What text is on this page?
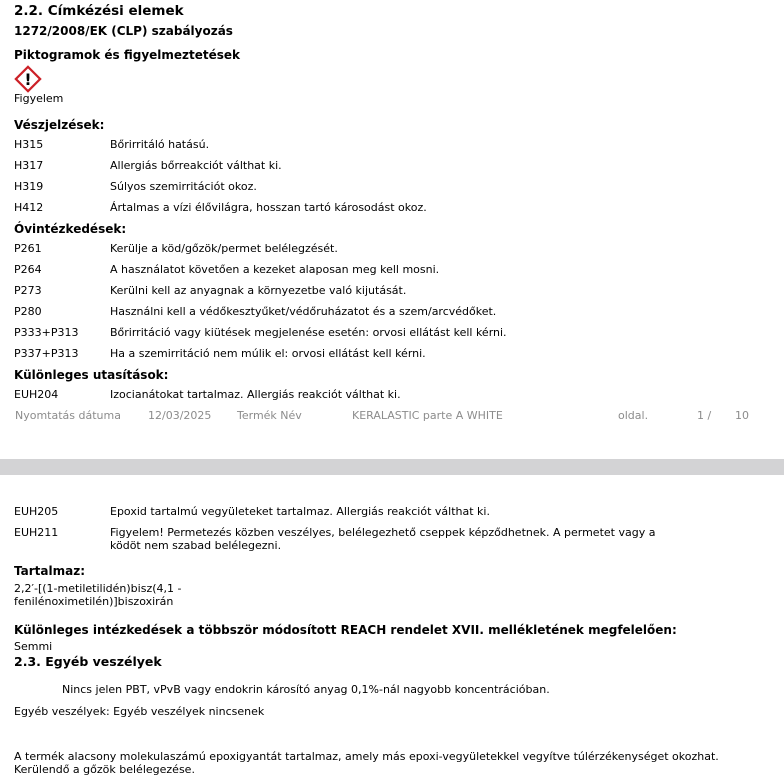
2.2. Címkézési elemek
1272/2008/EK (CLP) szabályozás
Piktogramok és figyelmeztetések
!
Figyelem
Vészjelzések:
H315	Bőrirritáló hatású.
H317	Allergiás bőrreakciót válthat ki.
H319	Súlyos szemirritációt okoz.
H412	Ártalmas a vízi élővilágra, hosszan tartó károsodást okoz.
Óvintézkedések:
P261	Kerülje a köd/gőzök/permet belélegzését.
P264	A használatot követően a kezeket alaposan meg kell mosni.
P273	Kerülni kell az anyagnak a környezetbe való kijutását.
P280	Használni kell a védőkesztyűket/védőruházatot és a szem/arcvédőket.
P333+P313	Bőrirritáció vagy kiütések megjelenése esetén: orvosi ellátást kell kérni.
P337+P313	Ha a szemirritáció nem múlik el: orvosi ellátást kell kérni.
Különleges utasítások:
EUH204	Izocianátokat tartalmaz. Allergiás reakciót válthat ki.
Nyomtatás dátuma 12/03/2025 Termék Név	KERALASTIC parte A WHITE	oldal.	1 / 10
EUH205	Epoxid tartalmú vegyületeket tartalmaz. Allergiás reakciót válthat ki.
EUH211	Figyelem! Permetezés közben veszélyes, belélegezhető cseppek képződhetnek. A permetet vagy a ködöt nem szabad belélegezni.
Tartalmaz:
2,2′-[(1-metiletilidén)bisz(4,1 -
fenilénoximetilén)]biszoxirán
Különleges intézkedések a többször módosított REACH rendelet XVII. mellékletének megfelelően:
Semmi
2.3. Egyéb veszélyek
Nincs jelen PBT, vPvB vagy endokrin károsító anyag 0,1%-nál nagyobb koncentrációban.
Egyéb veszélyek: Egyéb veszélyek nincsenek
A termék alacsony molekulaszámú epoxigyantát tartalmaz, amely más epoxi-vegyületekkel vegyítve túlérzékenységet okozhat. Kerülendő a gőzök belélegezése.
